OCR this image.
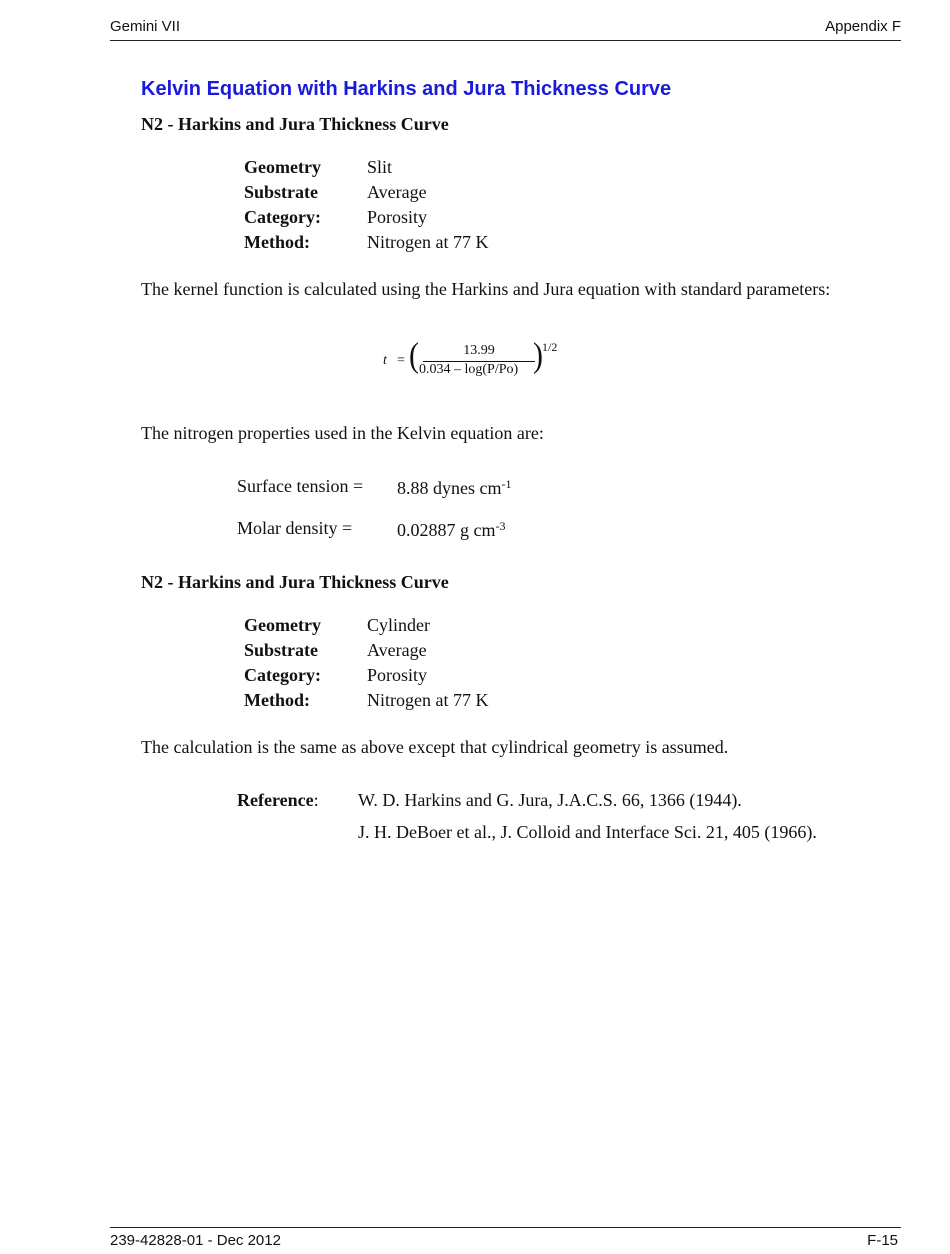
Gemini VII	Appendix F
Kelvin Equation with Harkins and Jura Thickness Curve
N2 - Harkins and Jura Thickness Curve
Geometry	Slit
Substrate	Average
Category:	Porosity
Method:	Nitrogen at 77 K
The kernel function is calculated using the Harkins and Jura equation with standard parameters:
t = (	13.99
0.034 – log(P/Po) ) 1/2
The nitrogen properties used in the Kelvin equation are:
Surface tension = 8.88 dynes $cm^{-1}$
Molar density = 0.02887 g $cm^{-3}$
N2 - Harkins and Jura Thickness Curve
Geometry	Cylinder
Substrate	Average
Category:	Porosity
Method:	Nitrogen at 77 K
The calculation is the same as above except that cylindrical geometry is assumed.
Reference: W. D. Harkins and G. Jura, J.A.C.S. 66, 1366 (1944).
J. H. DeBoer et al., J. Colloid and Interface Sci. 21, 405 (1966).
239-42828-01 - Dec 2012	F-15
